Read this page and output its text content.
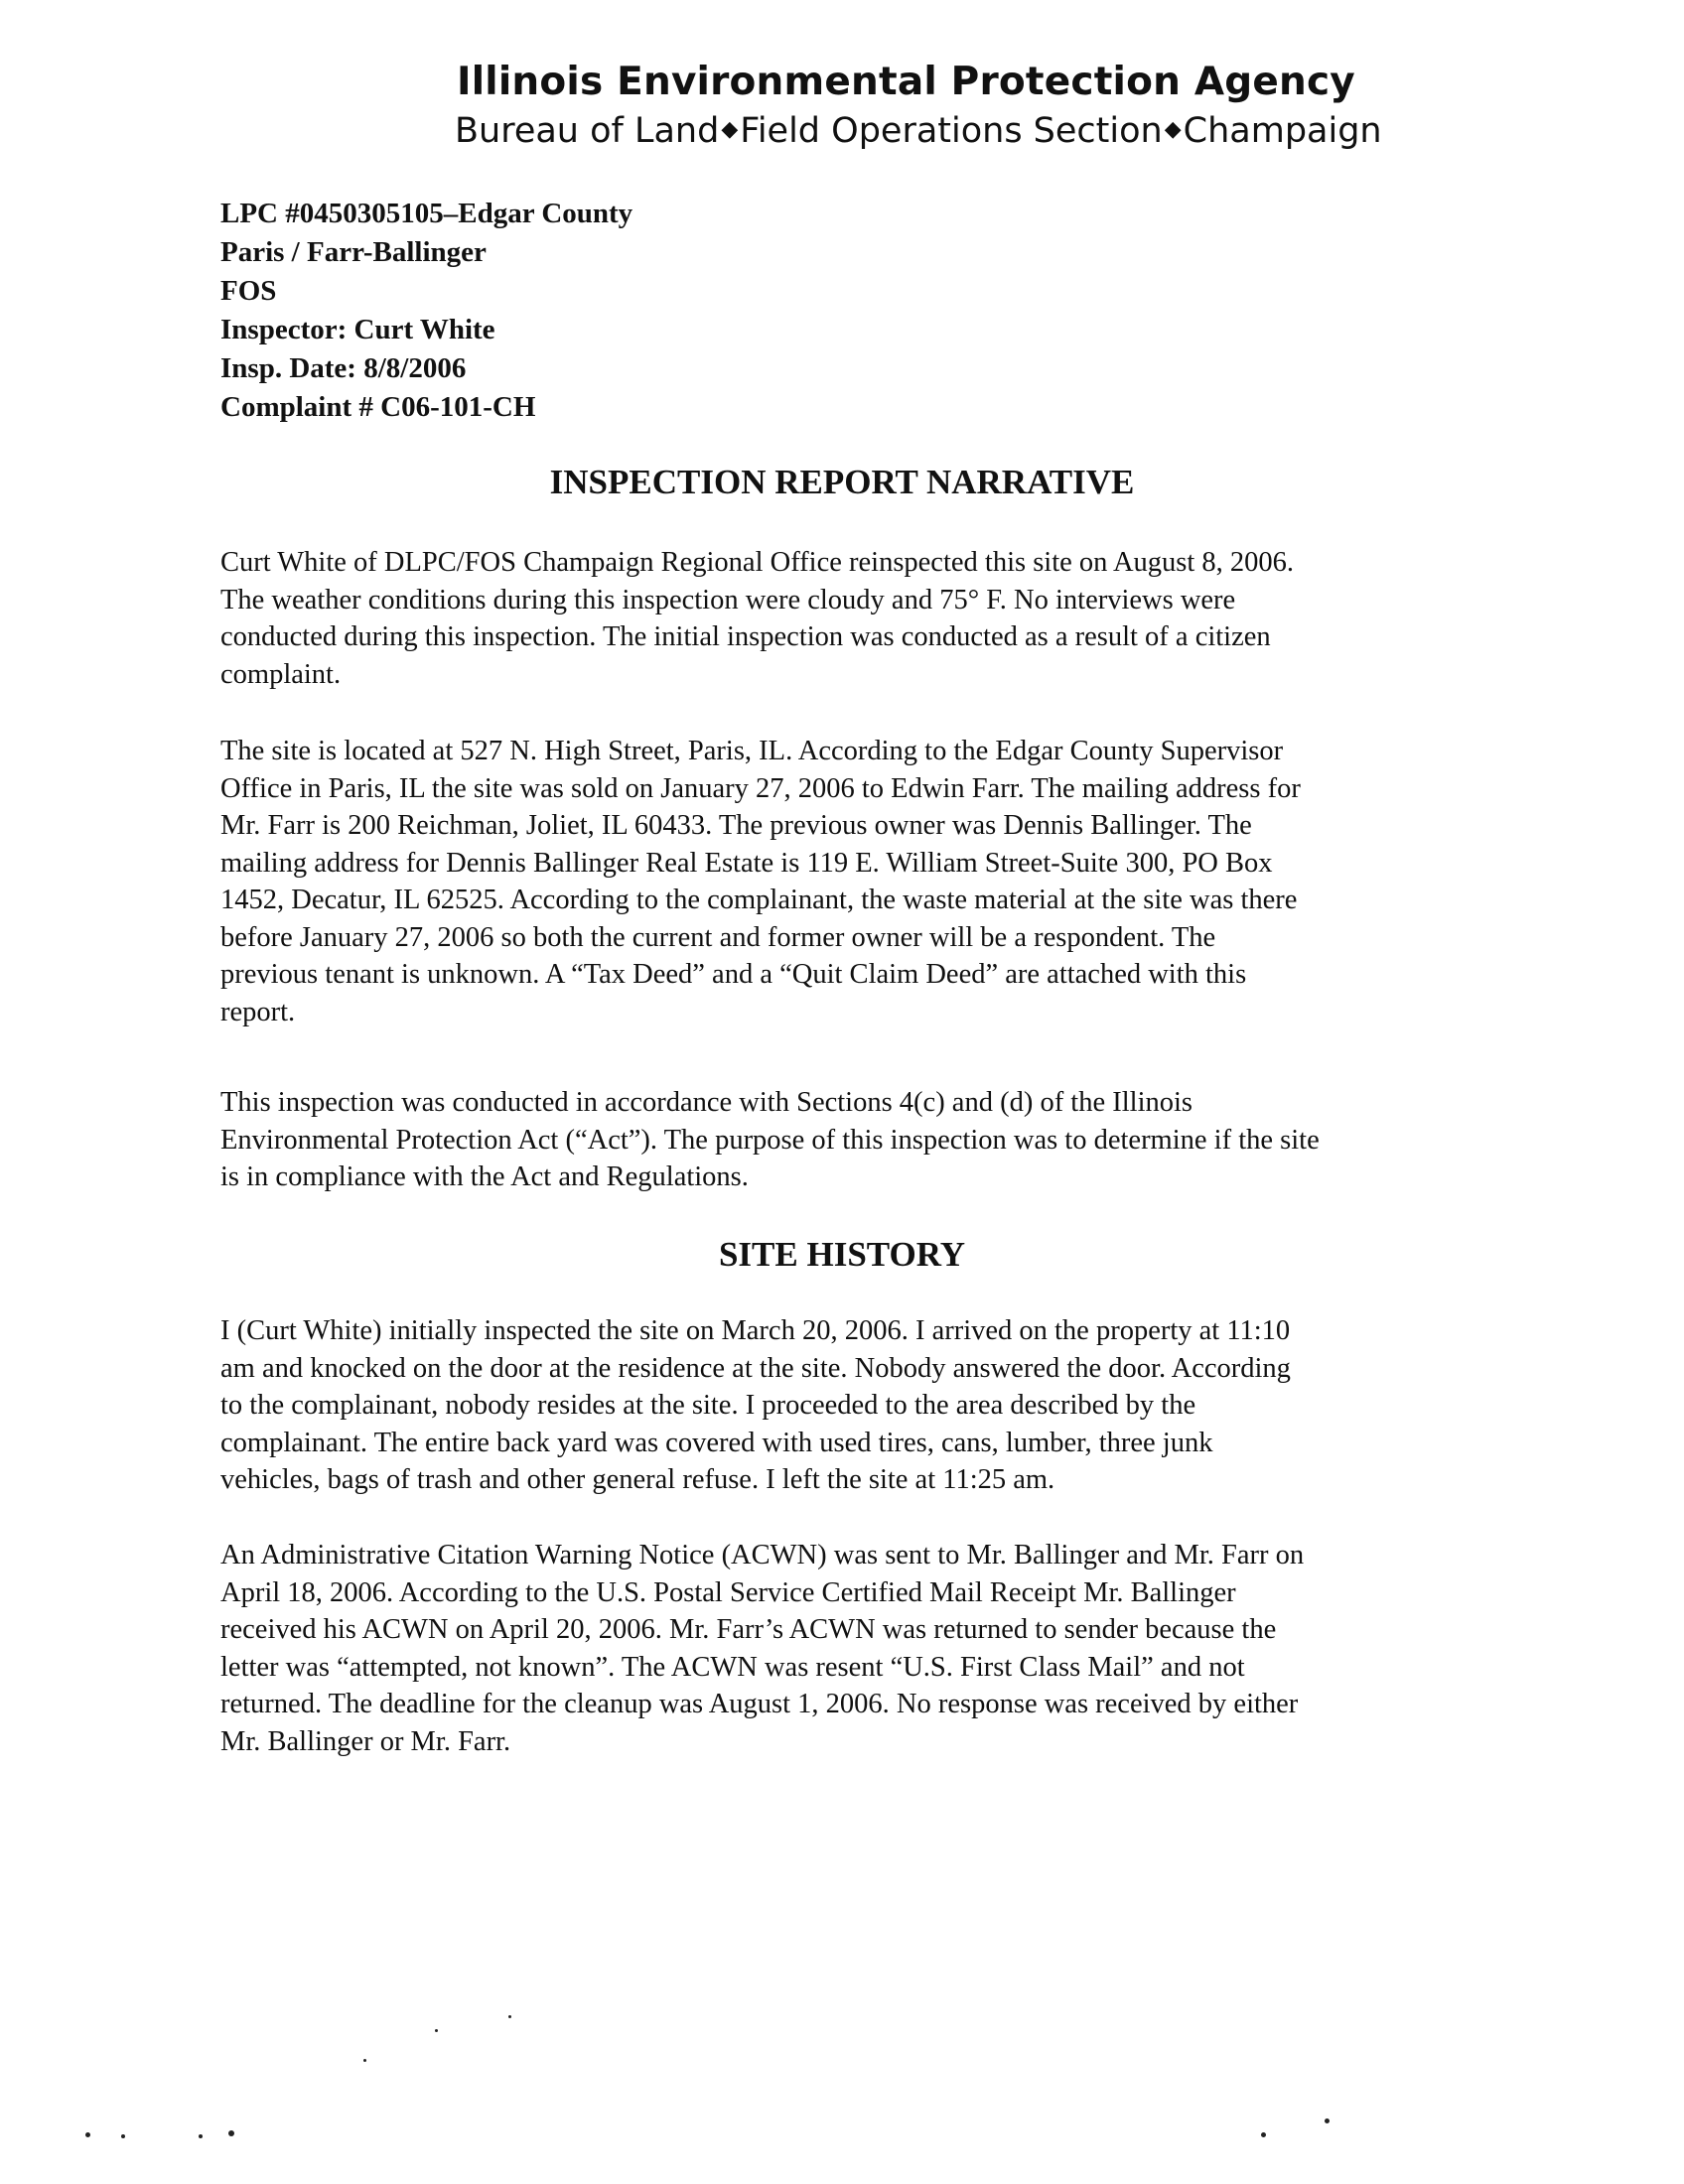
Illinois Environmental Protection Agency
Bureau of Land◆Field Operations Section◆Champaign
LPC #0450305105–Edgar County
Paris / Farr-Ballinger
FOS
Inspector: Curt White
Insp. Date: 8/8/2006
Complaint # C06-101-CH
INSPECTION REPORT NARRATIVE
Curt White of DLPC/FOS Champaign Regional Office reinspected this site on August 8, 2006.
The weather conditions during this inspection were cloudy and 75° F. No interviews were
conducted during this inspection. The initial inspection was conducted as a result of a citizen
complaint.
The site is located at 527 N. High Street, Paris, IL. According to the Edgar County Supervisor
Office in Paris, IL the site was sold on January 27, 2006 to Edwin Farr. The mailing address for
Mr. Farr is 200 Reichman, Joliet, IL 60433. The previous owner was Dennis Ballinger. The
mailing address for Dennis Ballinger Real Estate is 119 E. William Street-Suite 300, PO Box
1452, Decatur, IL 62525. According to the complainant, the waste material at the site was there
before January 27, 2006 so both the current and former owner will be a respondent. The
previous tenant is unknown. A “Tax Deed” and a “Quit Claim Deed” are attached with this
report.
This inspection was conducted in accordance with Sections 4(c) and (d) of the Illinois
Environmental Protection Act (“Act”). The purpose of this inspection was to determine if the site
is in compliance with the Act and Regulations.
SITE HISTORY
I (Curt White) initially inspected the site on March 20, 2006. I arrived on the property at 11:10
am and knocked on the door at the residence at the site. Nobody answered the door. According
to the complainant, nobody resides at the site. I proceeded to the area described by the
complainant. The entire back yard was covered with used tires, cans, lumber, three junk
vehicles, bags of trash and other general refuse. I left the site at 11:25 am.
An Administrative Citation Warning Notice (ACWN) was sent to Mr. Ballinger and Mr. Farr on
April 18, 2006. According to the U.S. Postal Service Certified Mail Receipt Mr. Ballinger
received his ACWN on April 20, 2006. Mr. Farr’s ACWN was returned to sender because the
letter was “attempted, not known”. The ACWN was resent “U.S. First Class Mail” and not
returned. The deadline for the cleanup was August 1, 2006. No response was received by either
Mr. Ballinger or Mr. Farr.
